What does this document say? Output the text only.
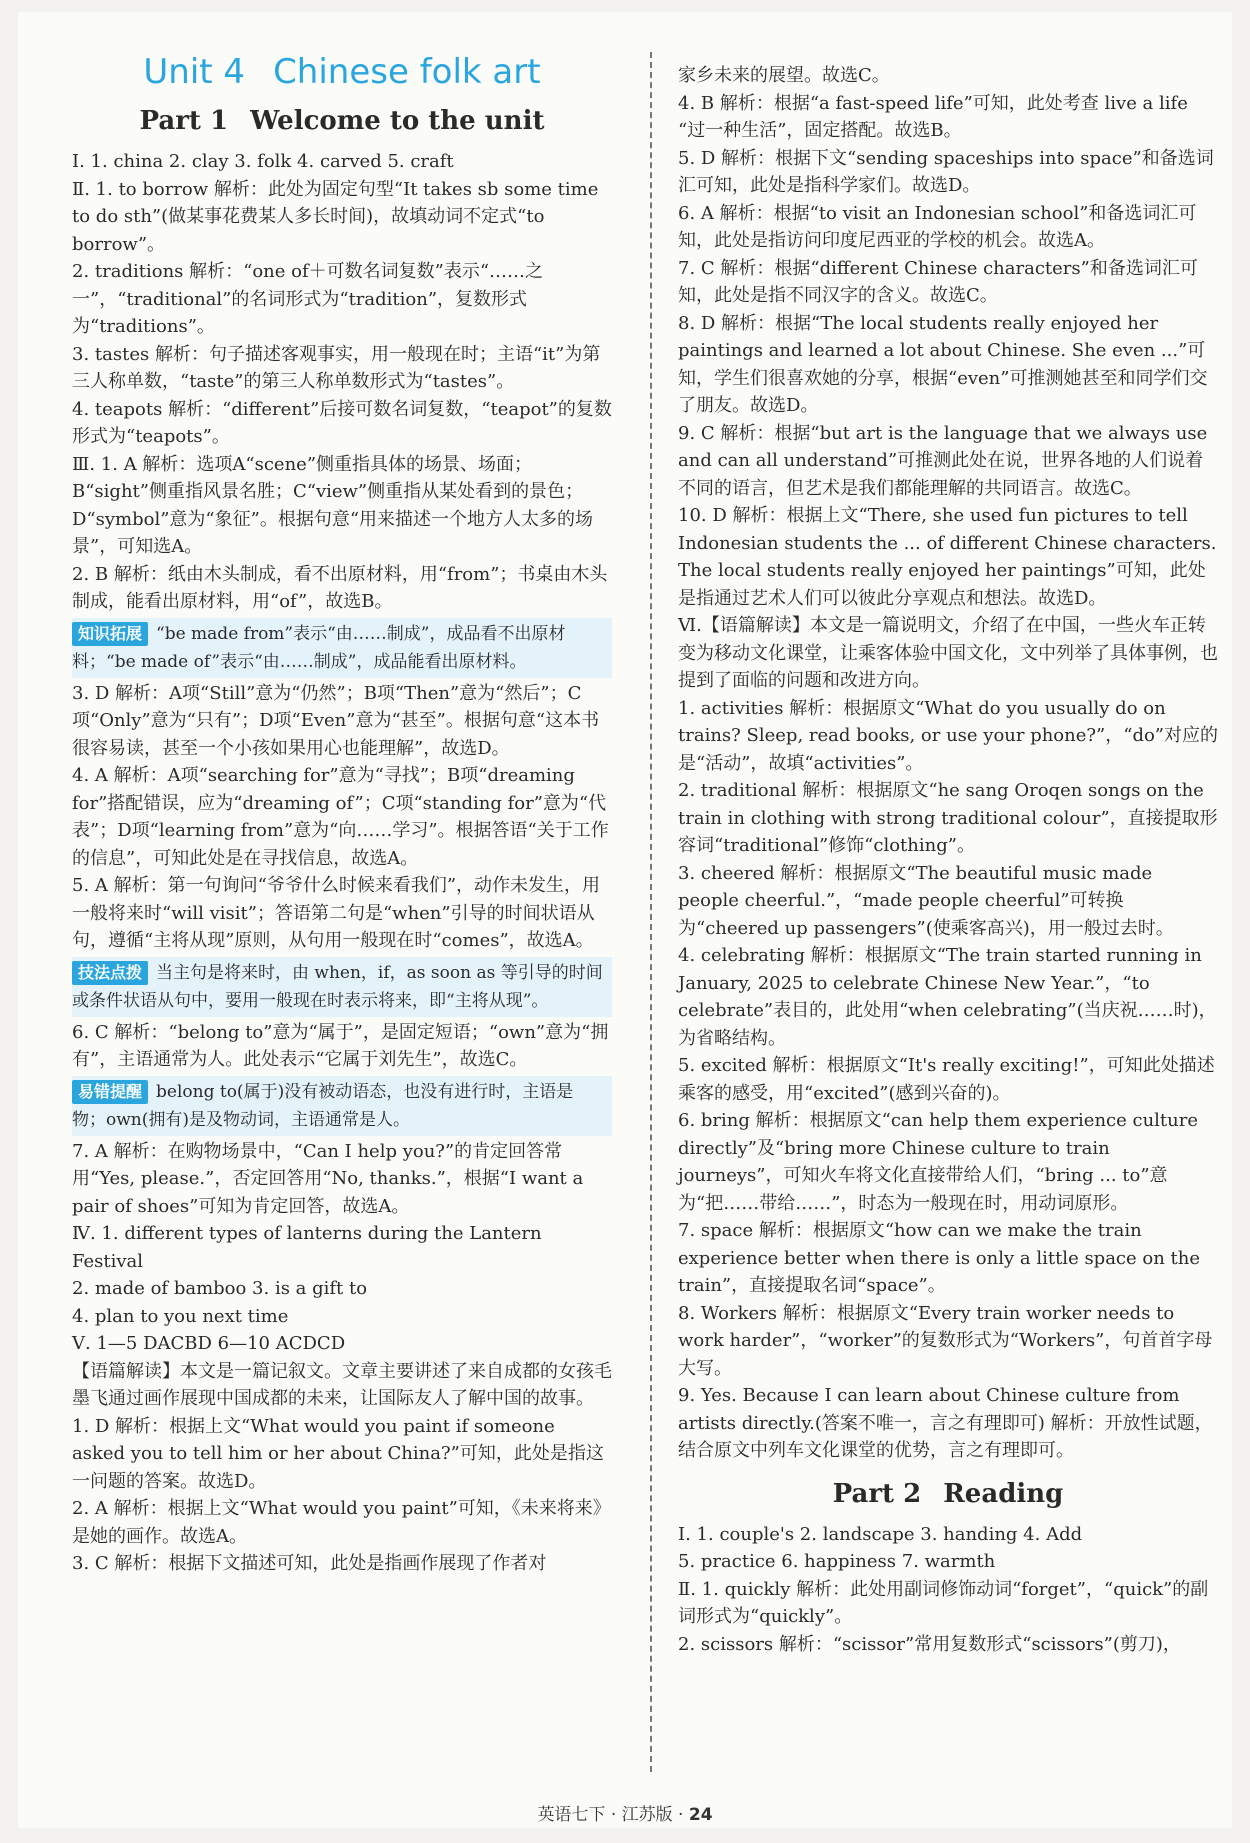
Unit 4 Chinese folk art
Part 1 Welcome to the unit

Ⅰ. 1. china 2. clay 3. folk 4. carved 5. craft

Ⅱ. 1. to borrow 解析：此处为固定句型“It takes sb some time to do sth”(做某事花费某人多长时间)，故填动词不定式“to borrow”。

2. traditions 解析：“one of＋可数名词复数”表示“……之一”，“traditional”的名词形式为“tradition”，复数形式为“traditions”。

3. tastes 解析：句子描述客观事实，用一般现在时；主语“it”为第三人称单数，“taste”的第三人称单数形式为“tastes”。

4. teapots 解析：“different”后接可数名词复数，“teapot”的复数形式为“teapots”。

Ⅲ. 1. A 解析：选项A“scene”侧重指具体的场景、场面；B“sight”侧重指风景名胜；C“view”侧重指从某处看到的景色；D“symbol”意为“象征”。根据句意“用来描述一个地方人太多的场景”，可知选A。

2. B 解析：纸由木头制成，看不出原材料，用“from”；书桌由木头制成，能看出原材料，用“of”，故选B。

知识拓展 “be made from”表示“由……制成”，成品看不出原材料；“be made of”表示“由……制成”，成品能看出原材料。

3. D 解析：A项“Still”意为“仍然”；B项“Then”意为“然后”；C项“Only”意为“只有”；D项“Even”意为“甚至”。根据句意“这本书很容易读，甚至一个小孩如果用心也能理解”，故选D。

4. A 解析：A项“searching for”意为“寻找”；B项“dreaming for”搭配错误，应为“dreaming of”；C项“standing for”意为“代表”；D项“learning from”意为“向……学习”。根据答语“关于工作的信息”，可知此处是在寻找信息，故选A。

5. A 解析：第一句询问“爷爷什么时候来看我们”，动作未发生，用一般将来时“will visit”；答语第二句是“when”引导的时间状语从句，遵循“主将从现”原则，从句用一般现在时“comes”，故选A。

技法点拨 当主句是将来时，由 when，if，as soon as 等引导的时间或条件状语从句中，要用一般现在时表示将来，即“主将从现”。

6. C 解析：“belong to”意为“属于”，是固定短语；“own”意为“拥有”，主语通常为人。此处表示“它属于刘先生”，故选C。

易错提醒 belong to(属于)没有被动语态，也没有进行时，主语是物；own(拥有)是及物动词，主语通常是人。

7. A 解析：在购物场景中，“Can I help you?”的肯定回答常用“Yes, please.”，否定回答用“No, thanks.”，根据“I want a pair of shoes”可知为肯定回答，故选A。

Ⅳ. 1. different types of lanterns during the Lantern Festival

2. made of bamboo 3. is a gift to

4. plan to you next time

Ⅴ. 1—5 DACBD 6—10 ACDCD

【语篇解读】本文是一篇记叙文。文章主要讲述了来自成都的女孩毛墨飞通过画作展现中国成都的未来，让国际友人了解中国的故事。

1. D 解析：根据上文“What would you paint if someone asked you to tell him or her about China?”可知，此处是指这一问题的答案。故选D。

2. A 解析：根据上文“What would you paint”可知，《未来将来》是她的画作。故选A。

3. C 解析：根据下文描述可知，此处是指画作展现了作者对

家乡未来的展望。故选C。

4. B 解析：根据“a fast-speed life”可知，此处考查 live a life “过一种生活”，固定搭配。故选B。

5. D 解析：根据下文“sending spaceships into space”和备选词汇可知，此处是指科学家们。故选D。

6. A 解析：根据“to visit an Indonesian school”和备选词汇可知，此处是指访问印度尼西亚的学校的机会。故选A。

7. C 解析：根据“different Chinese characters”和备选词汇可知，此处是指不同汉字的含义。故选C。

8. D 解析：根据“The local students really enjoyed her paintings and learned a lot about Chinese. She even ...”可知，学生们很喜欢她的分享，根据“even”可推测她甚至和同学们交了朋友。故选D。

9. C 解析：根据“but art is the language that we always use and can all understand”可推测此处在说，世界各地的人们说着不同的语言，但艺术是我们都能理解的共同语言。故选C。

10. D 解析：根据上文“There, she used fun pictures to tell Indonesian students the ... of different Chinese characters. The local students really enjoyed her paintings”可知，此处是指通过艺术人们可以彼此分享观点和想法。故选D。

Ⅵ.【语篇解读】本文是一篇说明文，介绍了在中国，一些火车正转变为移动文化课堂，让乘客体验中国文化，文中列举了具体事例，也提到了面临的问题和改进方向。

1. activities 解析：根据原文“What do you usually do on trains? Sleep, read books, or use your phone?”，“do”对应的是“活动”，故填“activities”。

2. traditional 解析：根据原文“he sang Oroqen songs on the train in clothing with strong traditional colour”，直接提取形容词“traditional”修饰“clothing”。

3. cheered 解析：根据原文“The beautiful music made people cheerful.”，“made people cheerful”可转换为“cheered up passengers”(使乘客高兴)，用一般过去时。

4. celebrating 解析：根据原文“The train started running in January, 2025 to celebrate Chinese New Year.”，“to celebrate”表目的，此处用“when celebrating”(当庆祝……时)，为省略结构。

5. excited 解析：根据原文“It's really exciting!”，可知此处描述乘客的感受，用“excited”(感到兴奋的)。

6. bring 解析：根据原文“can help them experience culture directly”及“bring more Chinese culture to train journeys”，可知火车将文化直接带给人们，“bring ... to”意为“把……带给……”，时态为一般现在时，用动词原形。

7. space 解析：根据原文“how can we make the train experience better when there is only a little space on the train”，直接提取名词“space”。

8. Workers 解析：根据原文“Every train worker needs to work harder”，“worker”的复数形式为“Workers”，句首首字母大写。

9. Yes. Because I can learn about Chinese culture from artists directly.(答案不唯一，言之有理即可) 解析：开放性试题，结合原文中列车文化课堂的优势，言之有理即可。

Part 2 Reading

Ⅰ. 1. couple's 2. landscape 3. handing 4. Add

5. practice 6. happiness 7. warmth

Ⅱ. 1. quickly 解析：此处用副词修饰动词“forget”，“quick”的副词形式为“quickly”。

2. scissors 解析：“scissor”常用复数形式“scissors”(剪刀)，

英语七下 · 江苏版 · 24
